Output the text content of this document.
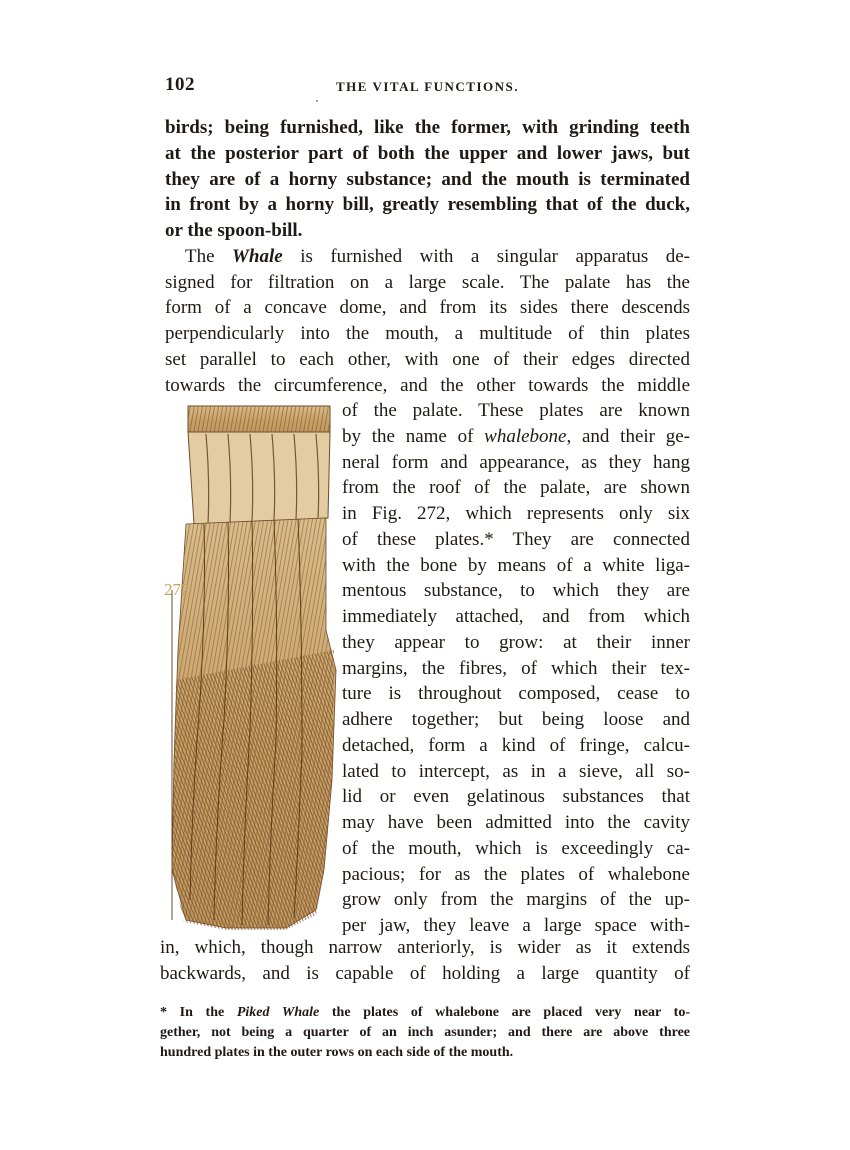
102	THE VITAL FUNCTIONS.
birds; being furnished, like the former, with grinding teeth
at the posterior part of both the upper and lower jaws, but
they are of a horny substance; and the mouth is terminated
in front by a horny bill, greatly resembling that of the duck,
or the spoon-bill.
The Whale is furnished with a singular apparatus de-
signed for filtration on a large scale. The palate has the
form of a concave dome, and from its sides there descends
perpendicularly into the mouth, a multitude of thin plates
set parallel to each other, with one of their edges directed
towards the circumference, and the other towards the middle
272
of the palate. These plates are known
by the name of whalebone, and their ge-
neral form and appearance, as they hang
from the roof of the palate, are shown
in Fig. 272, which represents only six
of these plates.* They are connected
with the bone by means of a white liga-
mentous substance, to which they are
immediately attached, and from which
they appear to grow: at their inner
margins, the fibres, of which their tex-
ture is throughout composed, cease to
adhere together; but being loose and
detached, form a kind of fringe, calcu-
lated to intercept, as in a sieve, all so-
lid or even gelatinous substances that
may have been admitted into the cavity
of the mouth, which is exceedingly ca-
pacious; for as the plates of whalebone
grow only from the margins of the up-
per jaw, they leave a large space with-
in, which, though narrow anteriorly, is wider as it extends
backwards, and is capable of holding a large quantity of
* In the Piked Whale the plates of whalebone are placed very near to-
gether, not being a quarter of an inch asunder; and there are above three
hundred plates in the outer rows on each side of the mouth.
